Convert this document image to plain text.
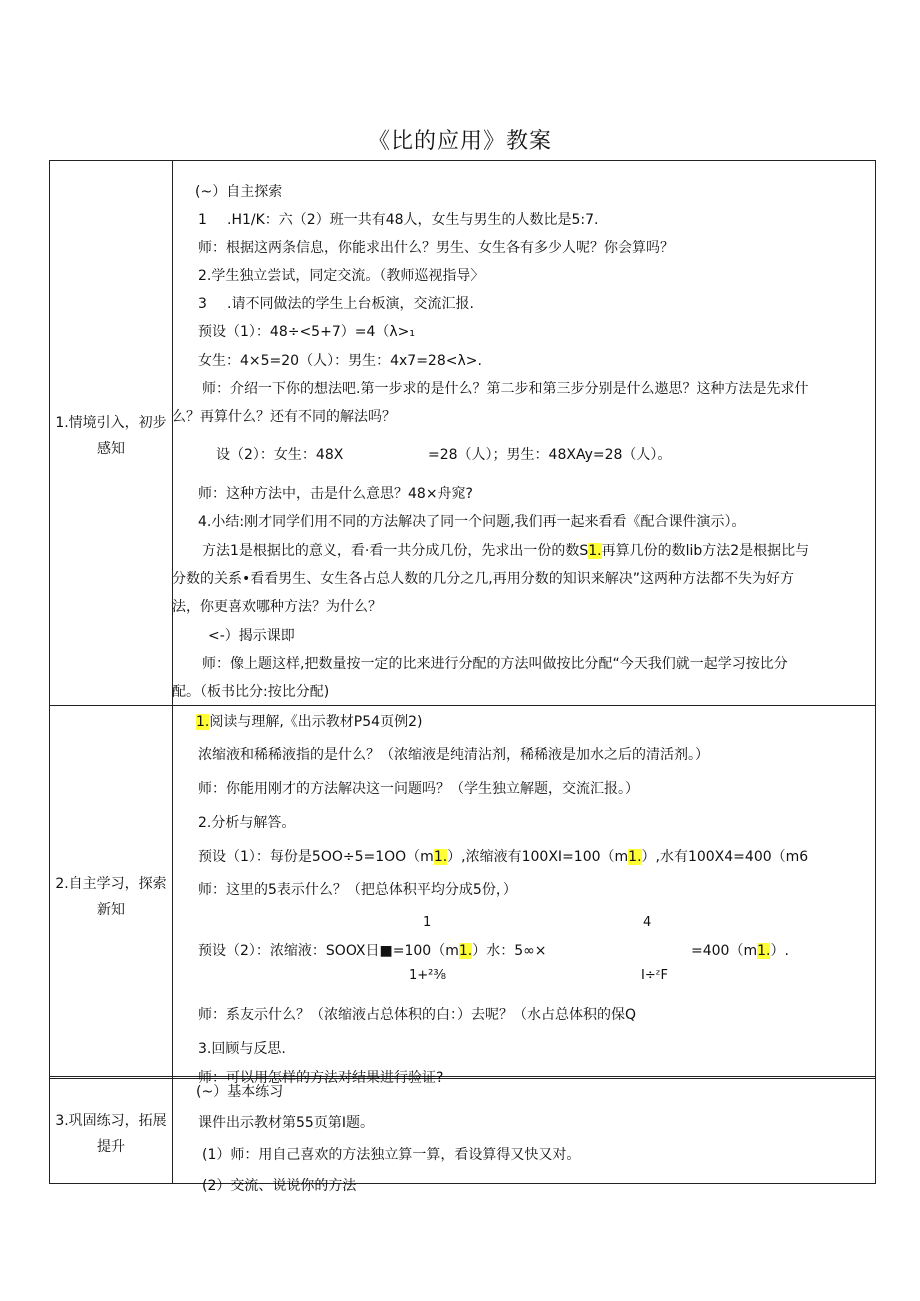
《比的应用》教案
1.情境引入，初步
感知
(~）自主探索
1 .H1/K：六（2）班一共有48人，女生与男生的人数比是5:7.
师：根据这两条信息，你能求出什么？男生、女生各有多少人呢？你会算吗？
2.学生独立尝试，同定交流。（教师巡视指导〉
3 .请不同做法的学生上台板演，交流汇报.
预设（1）：48÷<5+7）=4（λ>₁
女生：4×5=20（人）：男生：4x7=28<λ>.
师：介绍一下你的想法吧.第一步求的是什么？第二步和第三步分别是什么遨思？这种方法是先求什
么？再算什么？还有不同的解法吗？
设（2）：女生：48X	=28（人）；男生：48XAy=28（人）。
师：这种方法中，击是什么意思？48×舟窕?
4.小结:刚才同学们用不同的方法解决了同一个问题,我们再一起来看看《配合课件演示）。
方法1是根据比的意义，看·看一共分成几份，先求出一份的数S1.再算几份的数lib方法2是根据比与
分数的关系•看看男生、女生各占总人数的几分之几,再用分数的知识来解决”这两种方法都不失为好方
法，你更喜欢哪种方法？为什么？
<-）揭示课即
师：像上题这样,把数量按一定的比来进行分配的方法叫做按比分配“今天我们就一起学习按比分
配。（板书比分:按比分配)
2.自主学习，探索
新知
1.阅读与理解,《出示教材P54页例2)
浓缩液和稀稀液指的是什么？（浓缩液是纯清沾剂，稀稀液是加水之后的清活剂。）
师：你能用刚才的方法解决这一问题吗？（学生独立解题，交流汇报。）
2.分析与解答。
预设（1）：每份是5OO÷5=1OO（m1.）,浓缩液有100XI=100（m1.）,水有100X4=400（m6
师：这里的5表示什么？（把总体积平均分成5份，）
1	4
预设（2）：浓缩液：SOOX日■=100（m1.）水：5∞×	=400（m1.）.
1+²⅜	I÷ᶻF
师：系友示什么？（浓缩液占总体积的白：）去呢？（水占总体积的保Q
3.回顾与反思.
师：可以用怎样的方法对结果进行验证?
3.巩固练习，拓展
提升
(~）基本练习
课件出示教材第55页第I题。
(1）师：用自己喜欢的方法独立算一算，看设算得又快又对。
(2）交流、说说你的方法
